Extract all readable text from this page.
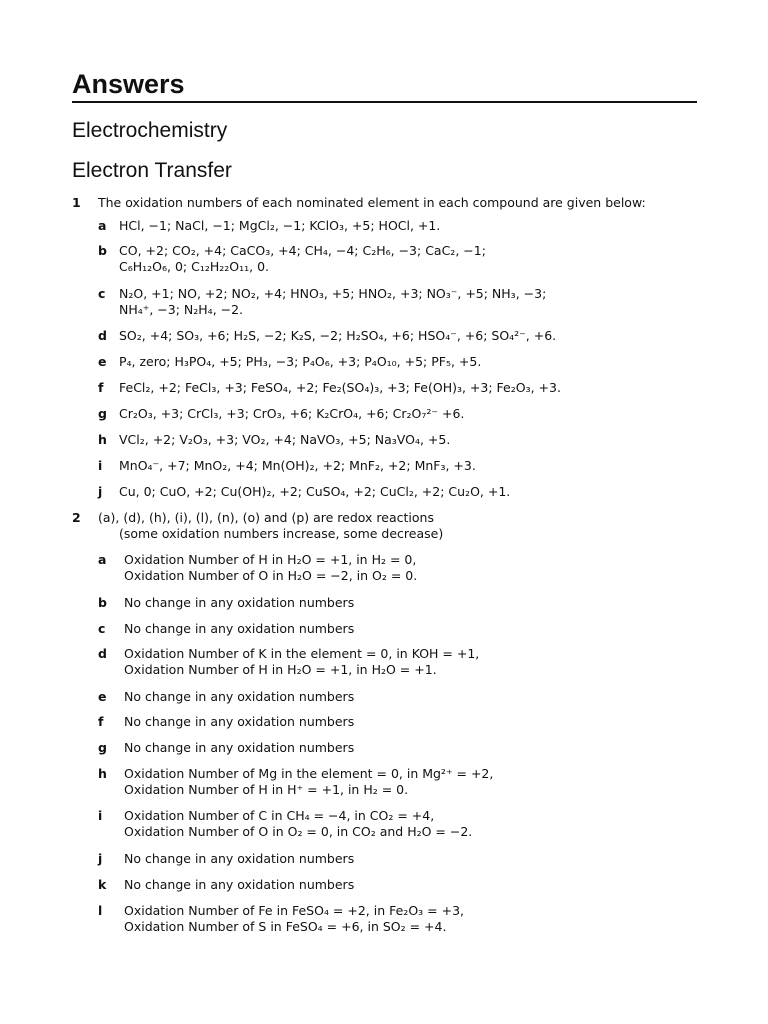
Answers
Electrochemistry
Electron Transfer
1 The oxidation numbers of each nominated element in each compound are given below:
a HCl, −1; NaCl, −1; MgCl₂, −1; KClO₃, +5; HOCl, +1.
b CO, +2; CO₂, +4; CaCO₃, +4; CH₄, −4; C₂H₆, −3; CaC₂, −1;
C₆H₁₂O₆, 0; C₁₂H₂₂O₁₁, 0.
c N₂O, +1; NO, +2; NO₂, +4; HNO₃, +5; HNO₂, +3; NO₃⁻, +5; NH₃, −3;
NH₄⁺, −3; N₂H₄, −2.
d SO₂, +4; SO₃, +6; H₂S, −2; K₂S, −2; H₂SO₄, +6; HSO₄⁻, +6; SO₄²⁻, +6.
e P₄, zero; H₃PO₄, +5; PH₃, −3; P₄O₆, +3; P₄O₁₀, +5; PF₅, +5.
f FeCl₂, +2; FeCl₃, +3; FeSO₄, +2; Fe₂(SO₄)₃, +3; Fe(OH)₃, +3; Fe₂O₃, +3.
g Cr₂O₃, +3; CrCl₃, +3; CrO₃, +6; K₂CrO₄, +6; Cr₂O₇²⁻ +6.
h VCl₂, +2; V₂O₃, +3; VO₂, +4; NaVO₃, +5; Na₃VO₄, +5.
i MnO₄⁻, +7; MnO₂, +4; Mn(OH)₂, +2; MnF₂, +2; MnF₃, +3.
j Cu, 0; CuO, +2; Cu(OH)₂, +2; CuSO₄, +2; CuCl₂, +2; Cu₂O, +1.
2 (a), (d), (h), (i), (l), (n), (o) and (p) are redox reactions
(some oxidation numbers increase, some decrease)
a Oxidation Number of H in H₂O = +1, in H₂ = 0,
Oxidation Number of O in H₂O = −2, in O₂ = 0.
b No change in any oxidation numbers
c No change in any oxidation numbers
d Oxidation Number of K in the element = 0, in KOH = +1,
Oxidation Number of H in H₂O = +1, in H₂O = +1.
e No change in any oxidation numbers
f No change in any oxidation numbers
g No change in any oxidation numbers
h Oxidation Number of Mg in the element = 0, in Mg²⁺ = +2,
Oxidation Number of H in H⁺ = +1, in H₂ = 0.
i Oxidation Number of C in CH₄ = −4, in CO₂ = +4,
Oxidation Number of O in O₂ = 0, in CO₂ and H₂O = −2.
j No change in any oxidation numbers
k No change in any oxidation numbers
l Oxidation Number of Fe in FeSO₄ = +2, in Fe₂O₃ = +3,
Oxidation Number of S in FeSO₄ = +6, in SO₂ = +4.
